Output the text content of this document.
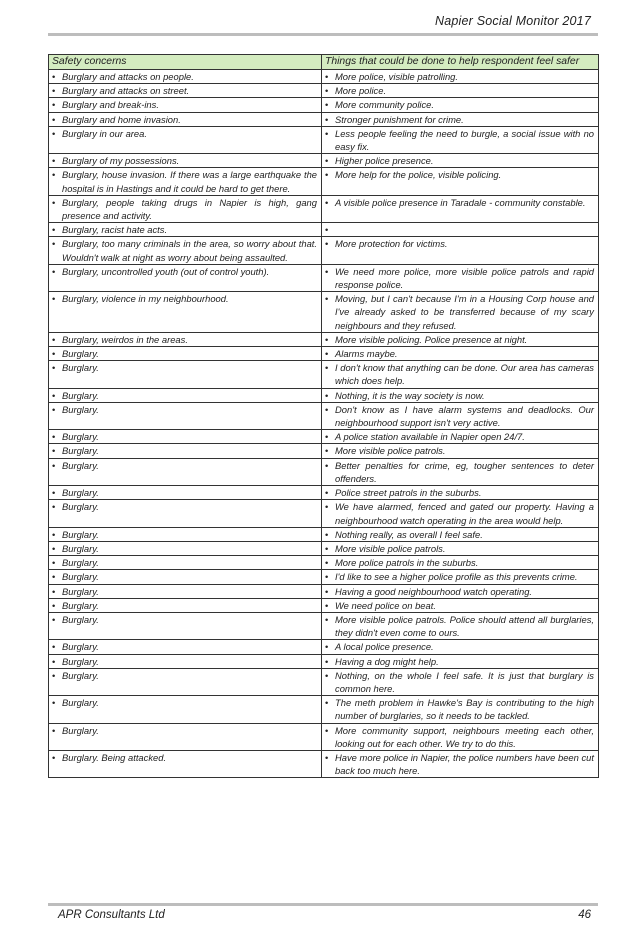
Napier Social Monitor 2017
Safety concerns	Things that could be done to help respondent feel safer

• Burglary and attacks on people.	• More police, visible patrolling.

• Burglary and attacks on street.	• More police.

• Burglary and break-ins.	• More community police.

• Burglary and home invasion.	• Stronger punishment for crime.

• Burglary in our area.	• Less people feeling the need to burgle, a social issue with no easy fix.

• Burglary of my possessions.	• Higher police presence.

• Burglary, house invasion. If there was a large earthquake the hospital is in Hastings and it could be hard to get there.	• More help for the police, visible policing.

• Burglary, people taking drugs in Napier is high, gang presence and activity.	• A visible police presence in Taradale - community constable.

• Burglary, racist hate acts.

• Burglary, too many criminals in the area, so worry about that. Wouldn't walk at night as worry about being assaulted.	• More protection for victims.

• Burglary, uncontrolled youth (out of control youth).	• We need more police, more visible police patrols and rapid response police.

• Burglary, violence in my neighbourhood.	• Moving, but I can't because I'm in a Housing Corp house and I've already asked to be transferred because of my scary neighbours and they refused.

• Burglary, weirdos in the areas.	• More visible policing. Police presence at night.

• Burglary.	• Alarms maybe.

• Burglary.	• I don't know that anything can be done. Our area has cameras which does help.

• Burglary.	• Nothing, it is the way society is now.

• Burglary.	• Don't know as I have alarm systems and deadlocks. Our neighbourhood support isn't very active.

• Burglary.	• A police station available in Napier open 24/7.

• Burglary.	• More visible police patrols.

• Burglary.	• Better penalties for crime, eg, tougher sentences to deter offenders.

• Burglary.	• Police street patrols in the suburbs.

• Burglary.	• We have alarmed, fenced and gated our property. Having a neighbourhood watch operating in the area would help.

• Burglary.	• Nothing really, as overall I feel safe.

• Burglary.	• More visible police patrols.

• Burglary.	• More police patrols in the suburbs.

• Burglary.	• I'd like to see a higher police profile as this prevents crime.

• Burglary.	• Having a good neighbourhood watch operating.

• Burglary.	• We need police on beat.

• Burglary.	• More visible police patrols. Police should attend all burglaries, they didn't even come to ours.

• Burglary.	• A local police presence.

• Burglary.	• Having a dog might help.

• Burglary.	• Nothing, on the whole I feel safe. It is just that burglary is common here.

• Burglary.	• The meth problem in Hawke's Bay is contributing to the high number of burglaries, so it needs to be tackled.

• Burglary.	• More community support, neighbours meeting each other, looking out for each other. We try to do this.

• Burglary. Being attacked.	• Have more police in Napier, the police numbers have been cut back too much here.
APR Consultants Ltd	46
